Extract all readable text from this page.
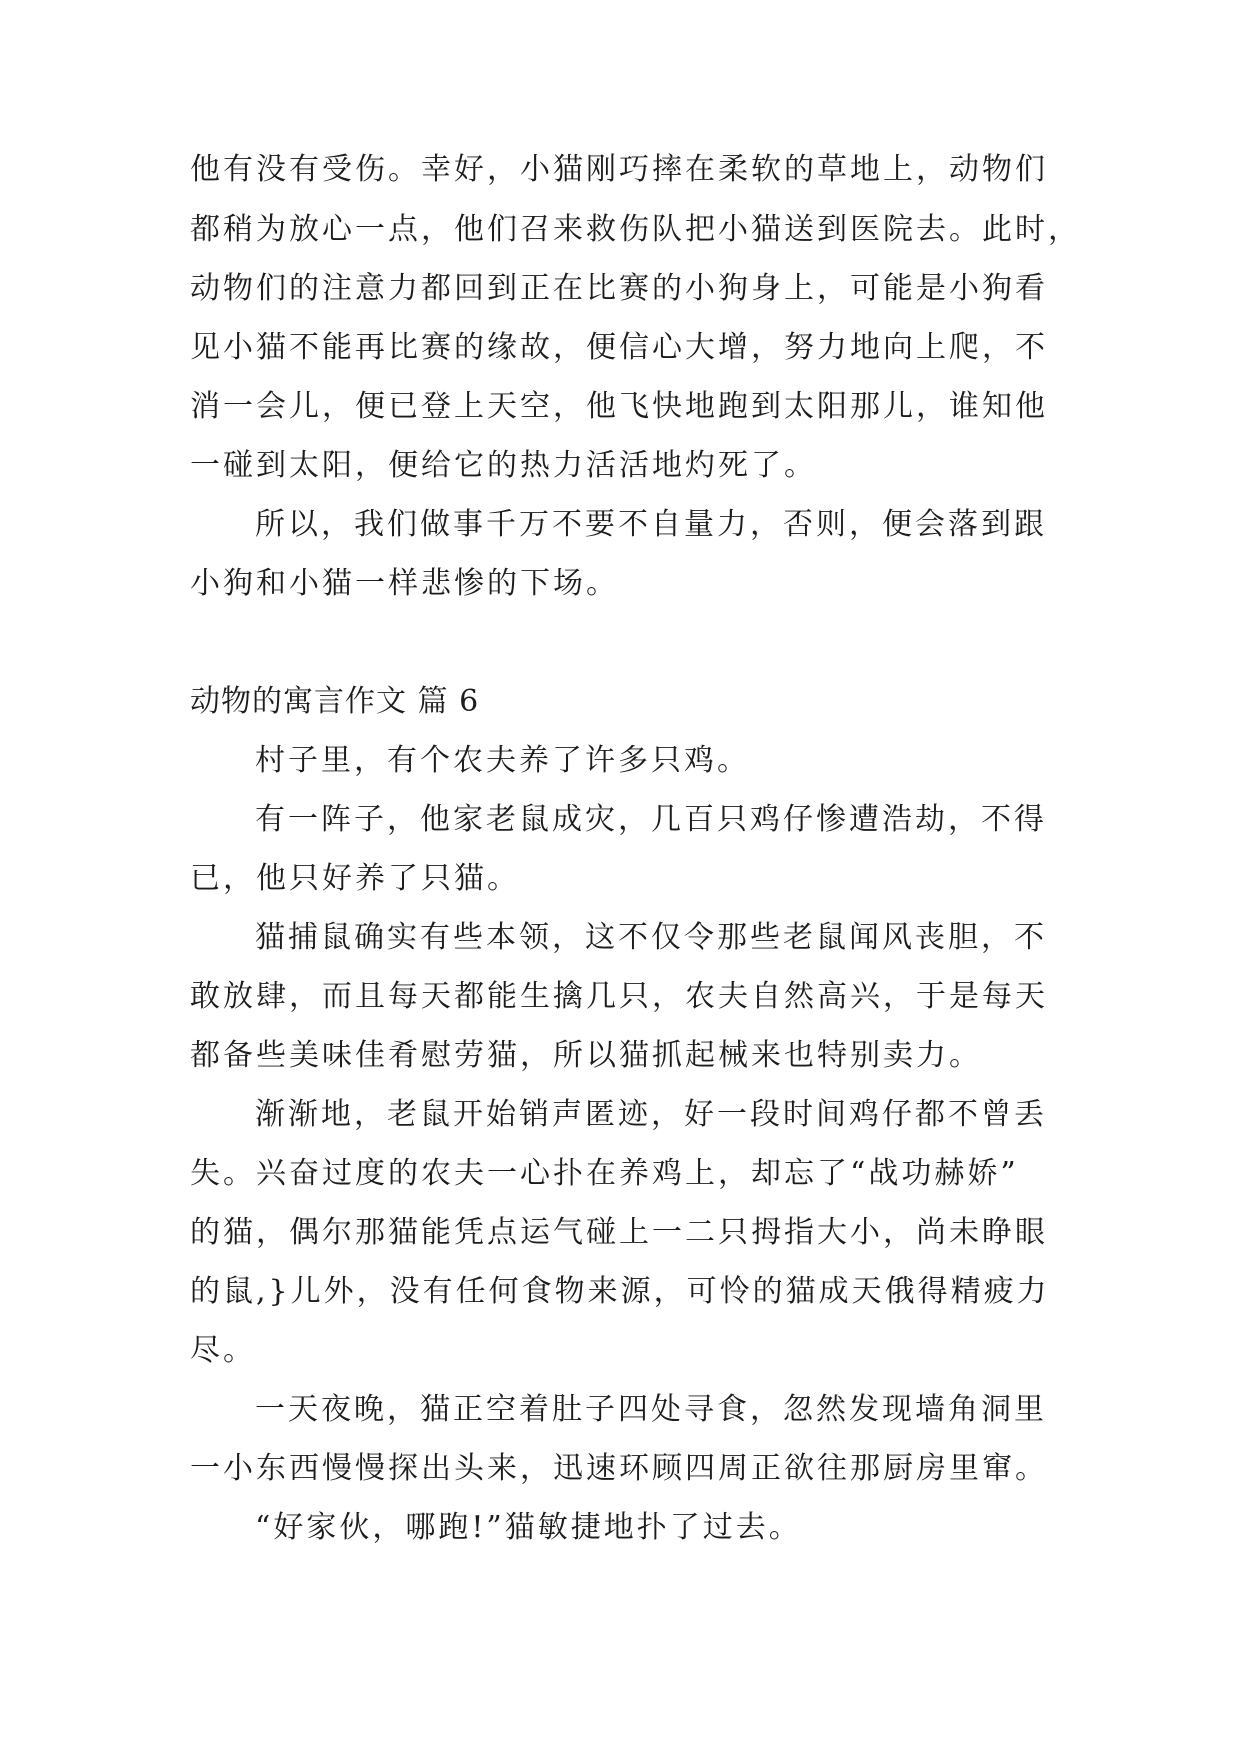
他有没有受伤。幸好，小猫刚巧摔在柔软的草地上，动物们
都稍为放心一点，他们召来救伤队把小猫送到医院去。此时，
动物们的注意力都回到正在比赛的小狗身上，可能是小狗看
见小猫不能再比赛的缘故，便信心大增，努力地向上爬，不
消一会儿，便已登上天空，他飞快地跑到太阳那儿，谁知他
一碰到太阳，便给它的热力活活地灼死了。
所以，我们做事千万不要不自量力，否则，便会落到跟
小狗和小猫一样悲惨的下场。
动物的寓言作文 篇 6
村子里，有个农夫养了许多只鸡。
有一阵子，他家老鼠成灾，几百只鸡仔惨遭浩劫，不得
已，他只好养了只猫。
猫捕鼠确实有些本领，这不仅令那些老鼠闻风丧胆，不
敢放肆，而且每天都能生擒几只，农夫自然高兴，于是每天
都备些美味佳肴慰劳猫，所以猫抓起械来也特别卖力。
渐渐地，老鼠开始销声匿迹，好一段时间鸡仔都不曾丢
失。兴奋过度的农夫一心扑在养鸡上，却忘了“战功赫娇”
的猫，偶尔那猫能凭点运气碰上一二只拇指大小，尚未睁眼
的鼠,}儿外，没有任何食物来源，可怜的猫成天俄得精疲力
尽。
一天夜晚，猫正空着肚子四处寻食，忽然发现墙角洞里
一小东西慢慢探出头来，迅速环顾四周正欲往那厨房里窜。
“好家伙，哪跑!”猫敏捷地扑了过去。
